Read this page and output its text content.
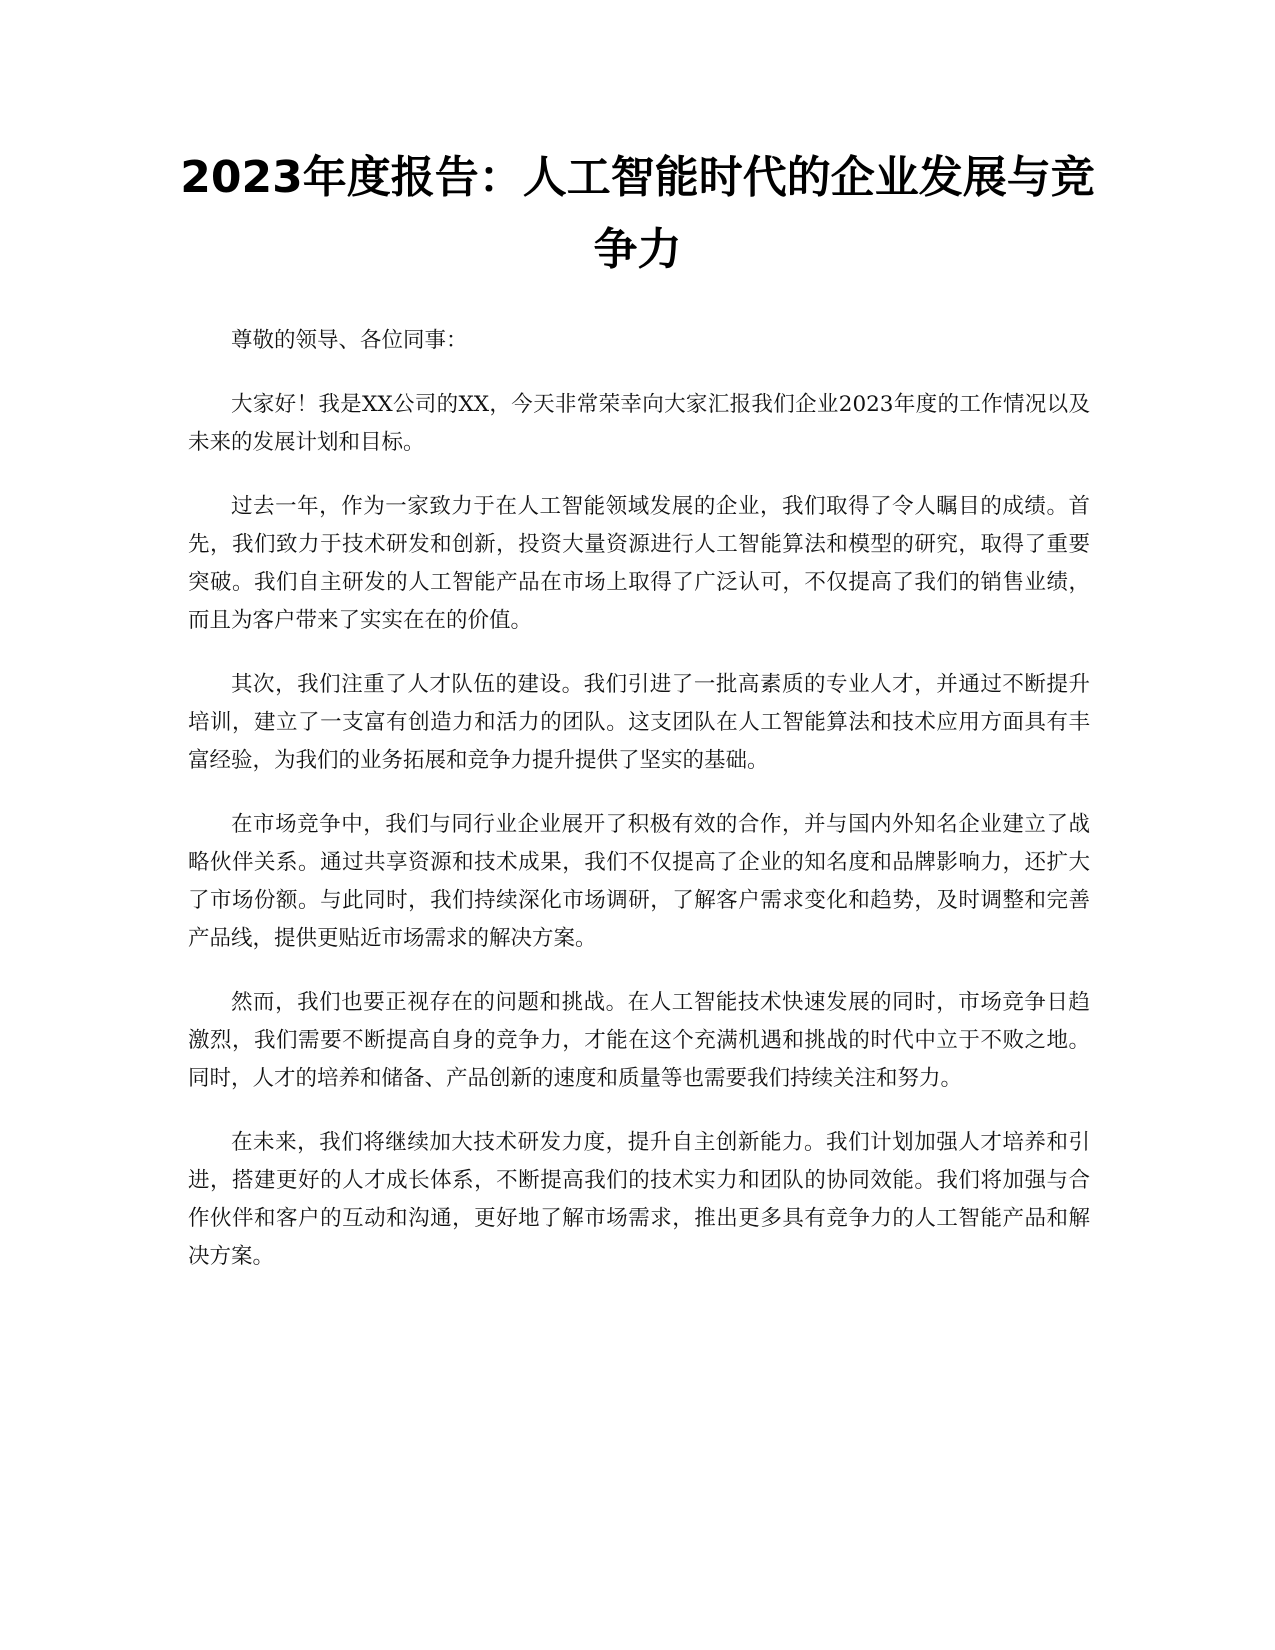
2023年度报告：人工智能时代的企业发展与竞争力

尊敬的领导、各位同事：

大家好！我是XX公司的XX，今天非常荣幸向大家汇报我们企业2023年度的工作情况以及未来的发展计划和目标。

过去一年，作为一家致力于在人工智能领域发展的企业，我们取得了令人瞩目的成绩。首先，我们致力于技术研发和创新，投资大量资源进行人工智能算法和模型的研究，取得了重要突破。我们自主研发的人工智能产品在市场上取得了广泛认可，不仅提高了我们的销售业绩，而且为客户带来了实实在在的价值。

其次，我们注重了人才队伍的建设。我们引进了一批高素质的专业人才，并通过不断提升培训，建立了一支富有创造力和活力的团队。这支团队在人工智能算法和技术应用方面具有丰富经验，为我们的业务拓展和竞争力提升提供了坚实的基础。

在市场竞争中，我们与同行业企业展开了积极有效的合作，并与国内外知名企业建立了战略伙伴关系。通过共享资源和技术成果，我们不仅提高了企业的知名度和品牌影响力，还扩大了市场份额。与此同时，我们持续深化市场调研，了解客户需求变化和趋势，及时调整和完善产品线，提供更贴近市场需求的解决方案。

然而，我们也要正视存在的问题和挑战。在人工智能技术快速发展的同时，市场竞争日趋激烈，我们需要不断提高自身的竞争力，才能在这个充满机遇和挑战的时代中立于不败之地。同时，人才的培养和储备、产品创新的速度和质量等也需要我们持续关注和努力。

在未来，我们将继续加大技术研发力度，提升自主创新能力。我们计划加强人才培养和引进，搭建更好的人才成长体系，不断提高我们的技术实力和团队的协同效能。我们将加强与合作伙伴和客户的互动和沟通，更好地了解市场需求，推出更多具有竞争力的人工智能产品和解决方案。
